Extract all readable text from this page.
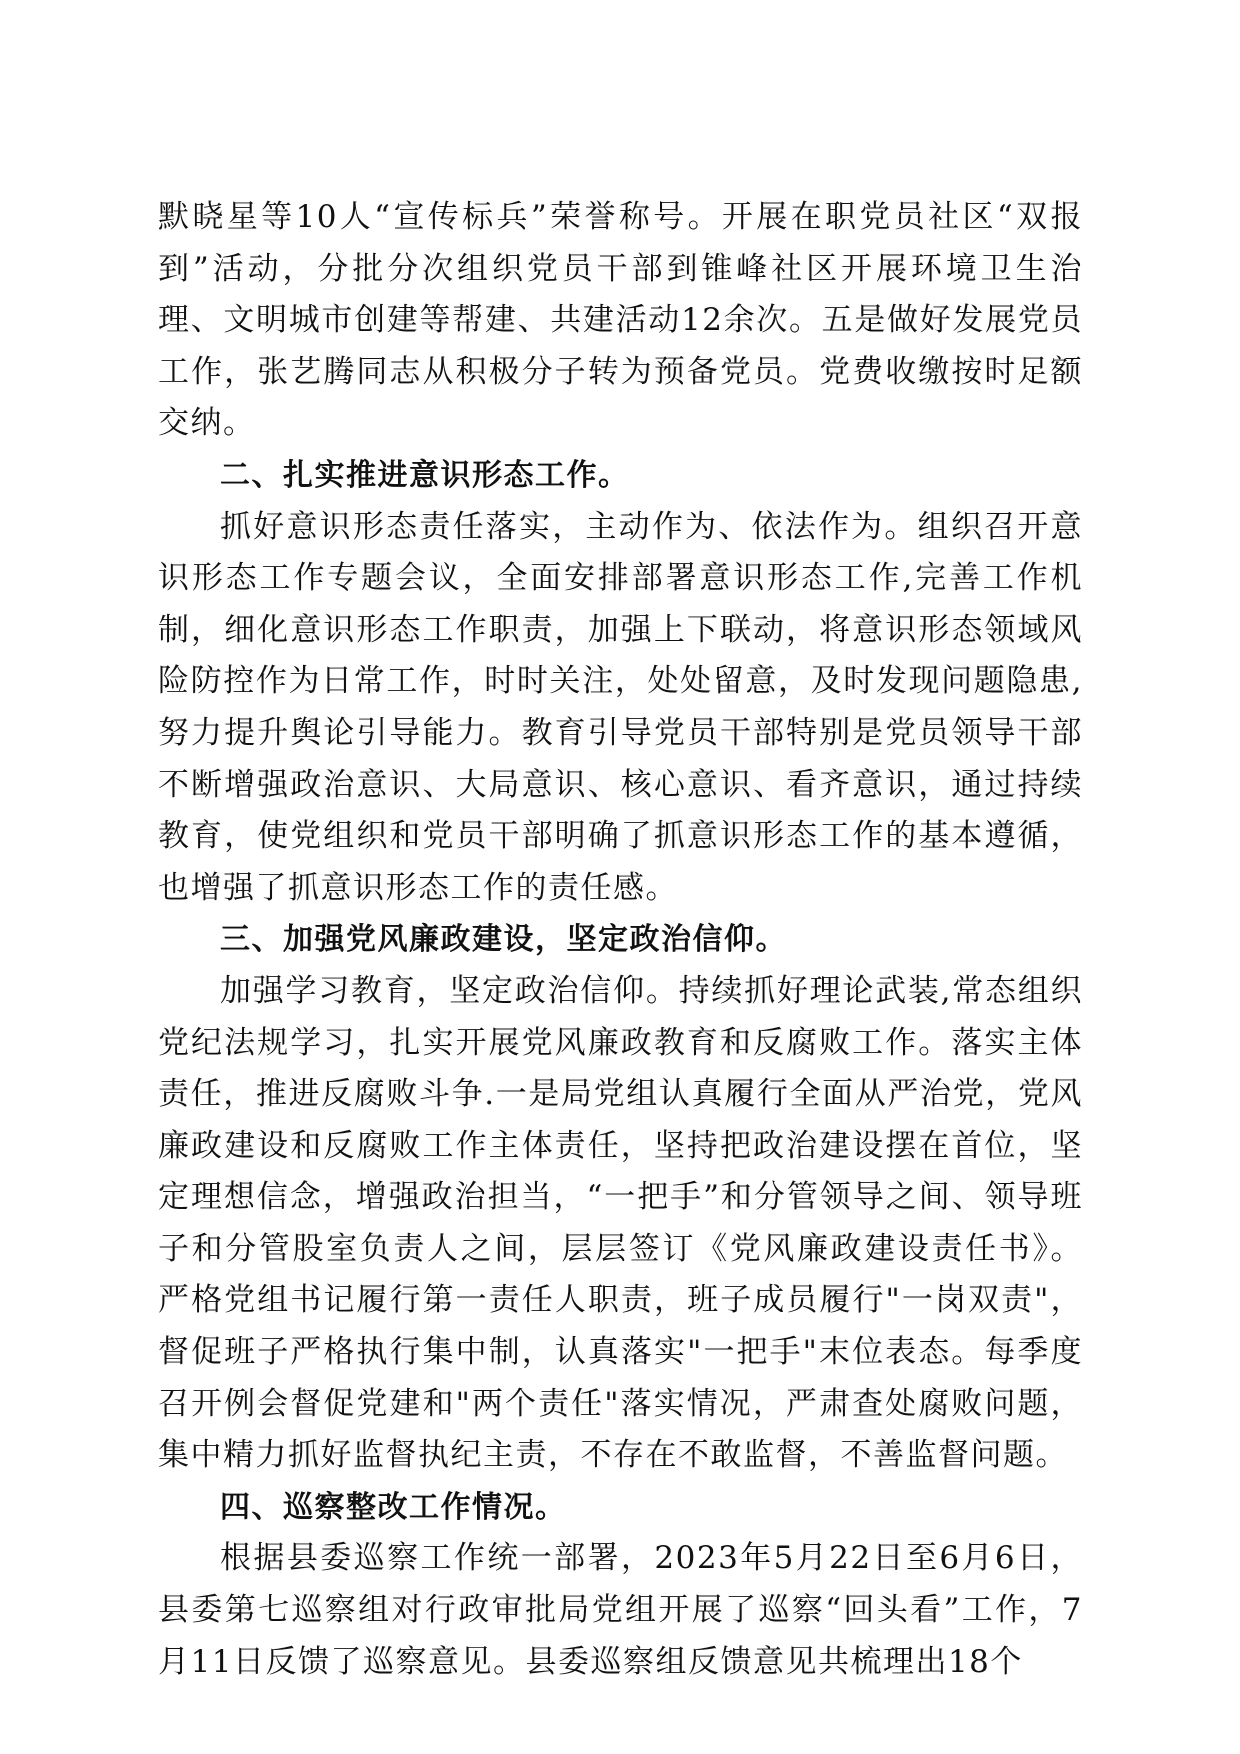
默晓星等10人“宣传标兵”荣誉称号。开展在职党员社区“双报到”活动，分批分次组织党员干部到锥峰社区开展环境卫生治理、文明城市创建等帮建、共建活动12余次。五是做好发展党员工作，张艺腾同志从积极分子转为预备党员。党费收缴按时足额交纳。

二、扎实推进意识形态工作。

抓好意识形态责任落实，主动作为、依法作为。组织召开意识形态工作专题会议，全面安排部署意识形态工作,完善工作机制，细化意识形态工作职责，加强上下联动，将意识形态领域风险防控作为日常工作，时时关注，处处留意，及时发现问题隐患,努力提升舆论引导能力。教育引导党员干部特别是党员领导干部不断增强政治意识、大局意识、核心意识、看齐意识，通过持续教育，使党组织和党员干部明确了抓意识形态工作的基本遵循，也增强了抓意识形态工作的责任感。

三、加强党风廉政建设，坚定政治信仰。

加强学习教育，坚定政治信仰。持续抓好理论武装,常态组织党纪法规学习，扎实开展党风廉政教育和反腐败工作。落实主体责任，推进反腐败斗争.一是局党组认真履行全面从严治党，党风廉政建设和反腐败工作主体责任，坚持把政治建设摆在首位，坚定理想信念，增强政治担当，“一把手”和分管领导之间、领导班子和分管股室负责人之间，层层签订《党风廉政建设责任书》。严格党组书记履行第一责任人职责，班子成员履行"一岗双责"，督促班子严格执行集中制，认真落实"一把手"末位表态。每季度召开例会督促党建和"两个责任"落实情况，严肃查处腐败问题，集中精力抓好监督执纪主责，不存在不敢监督，不善监督问题。

四、巡察整改工作情况。

根据县委巡察工作统一部署，2023年5月22日至6月6日，县委第七巡察组对行政审批局党组开展了巡察“回头看”工作，7月11日反馈了巡察意见。县委巡察组反馈意见共梳理出18个
